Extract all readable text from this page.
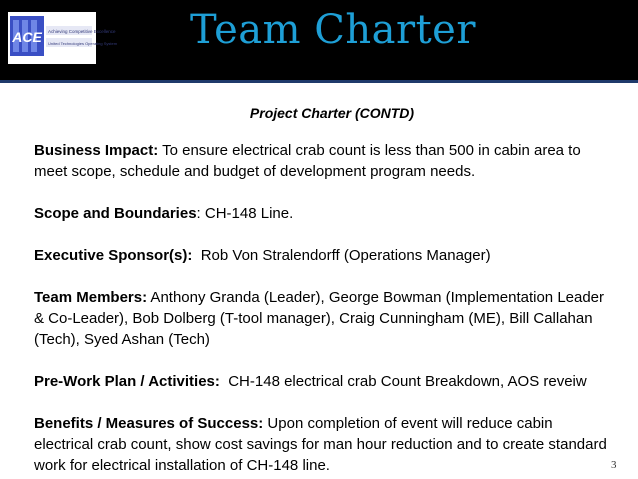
ACE Achieving Competitive Excellence
United Technologies Operating System Team Charter
Project Charter (CONTD)

Business Impact: To ensure electrical crab count is less than 500 in cabin area to meet scope, schedule and budget of development program needs.

Scope and Boundaries: CH-148 Line.

Executive Sponsor(s):  Rob Von Stralendorff (Operations Manager)

Team Members: Anthony Granda (Leader), George Bowman (Implementation Leader & Co-Leader), Bob Dolberg (T-tool manager), Craig Cunningham (ME), Bill Callahan (Tech), Syed Ashan (Tech)

Pre-Work Plan / Activities:  CH-148 electrical crab Count Breakdown, AOS reveiw

Benefits / Measures of Success: Upon completion of event will reduce cabin electrical crab count, show cost savings for man hour reduction and to create standard work for electrical installation of CH-148 line.	3
